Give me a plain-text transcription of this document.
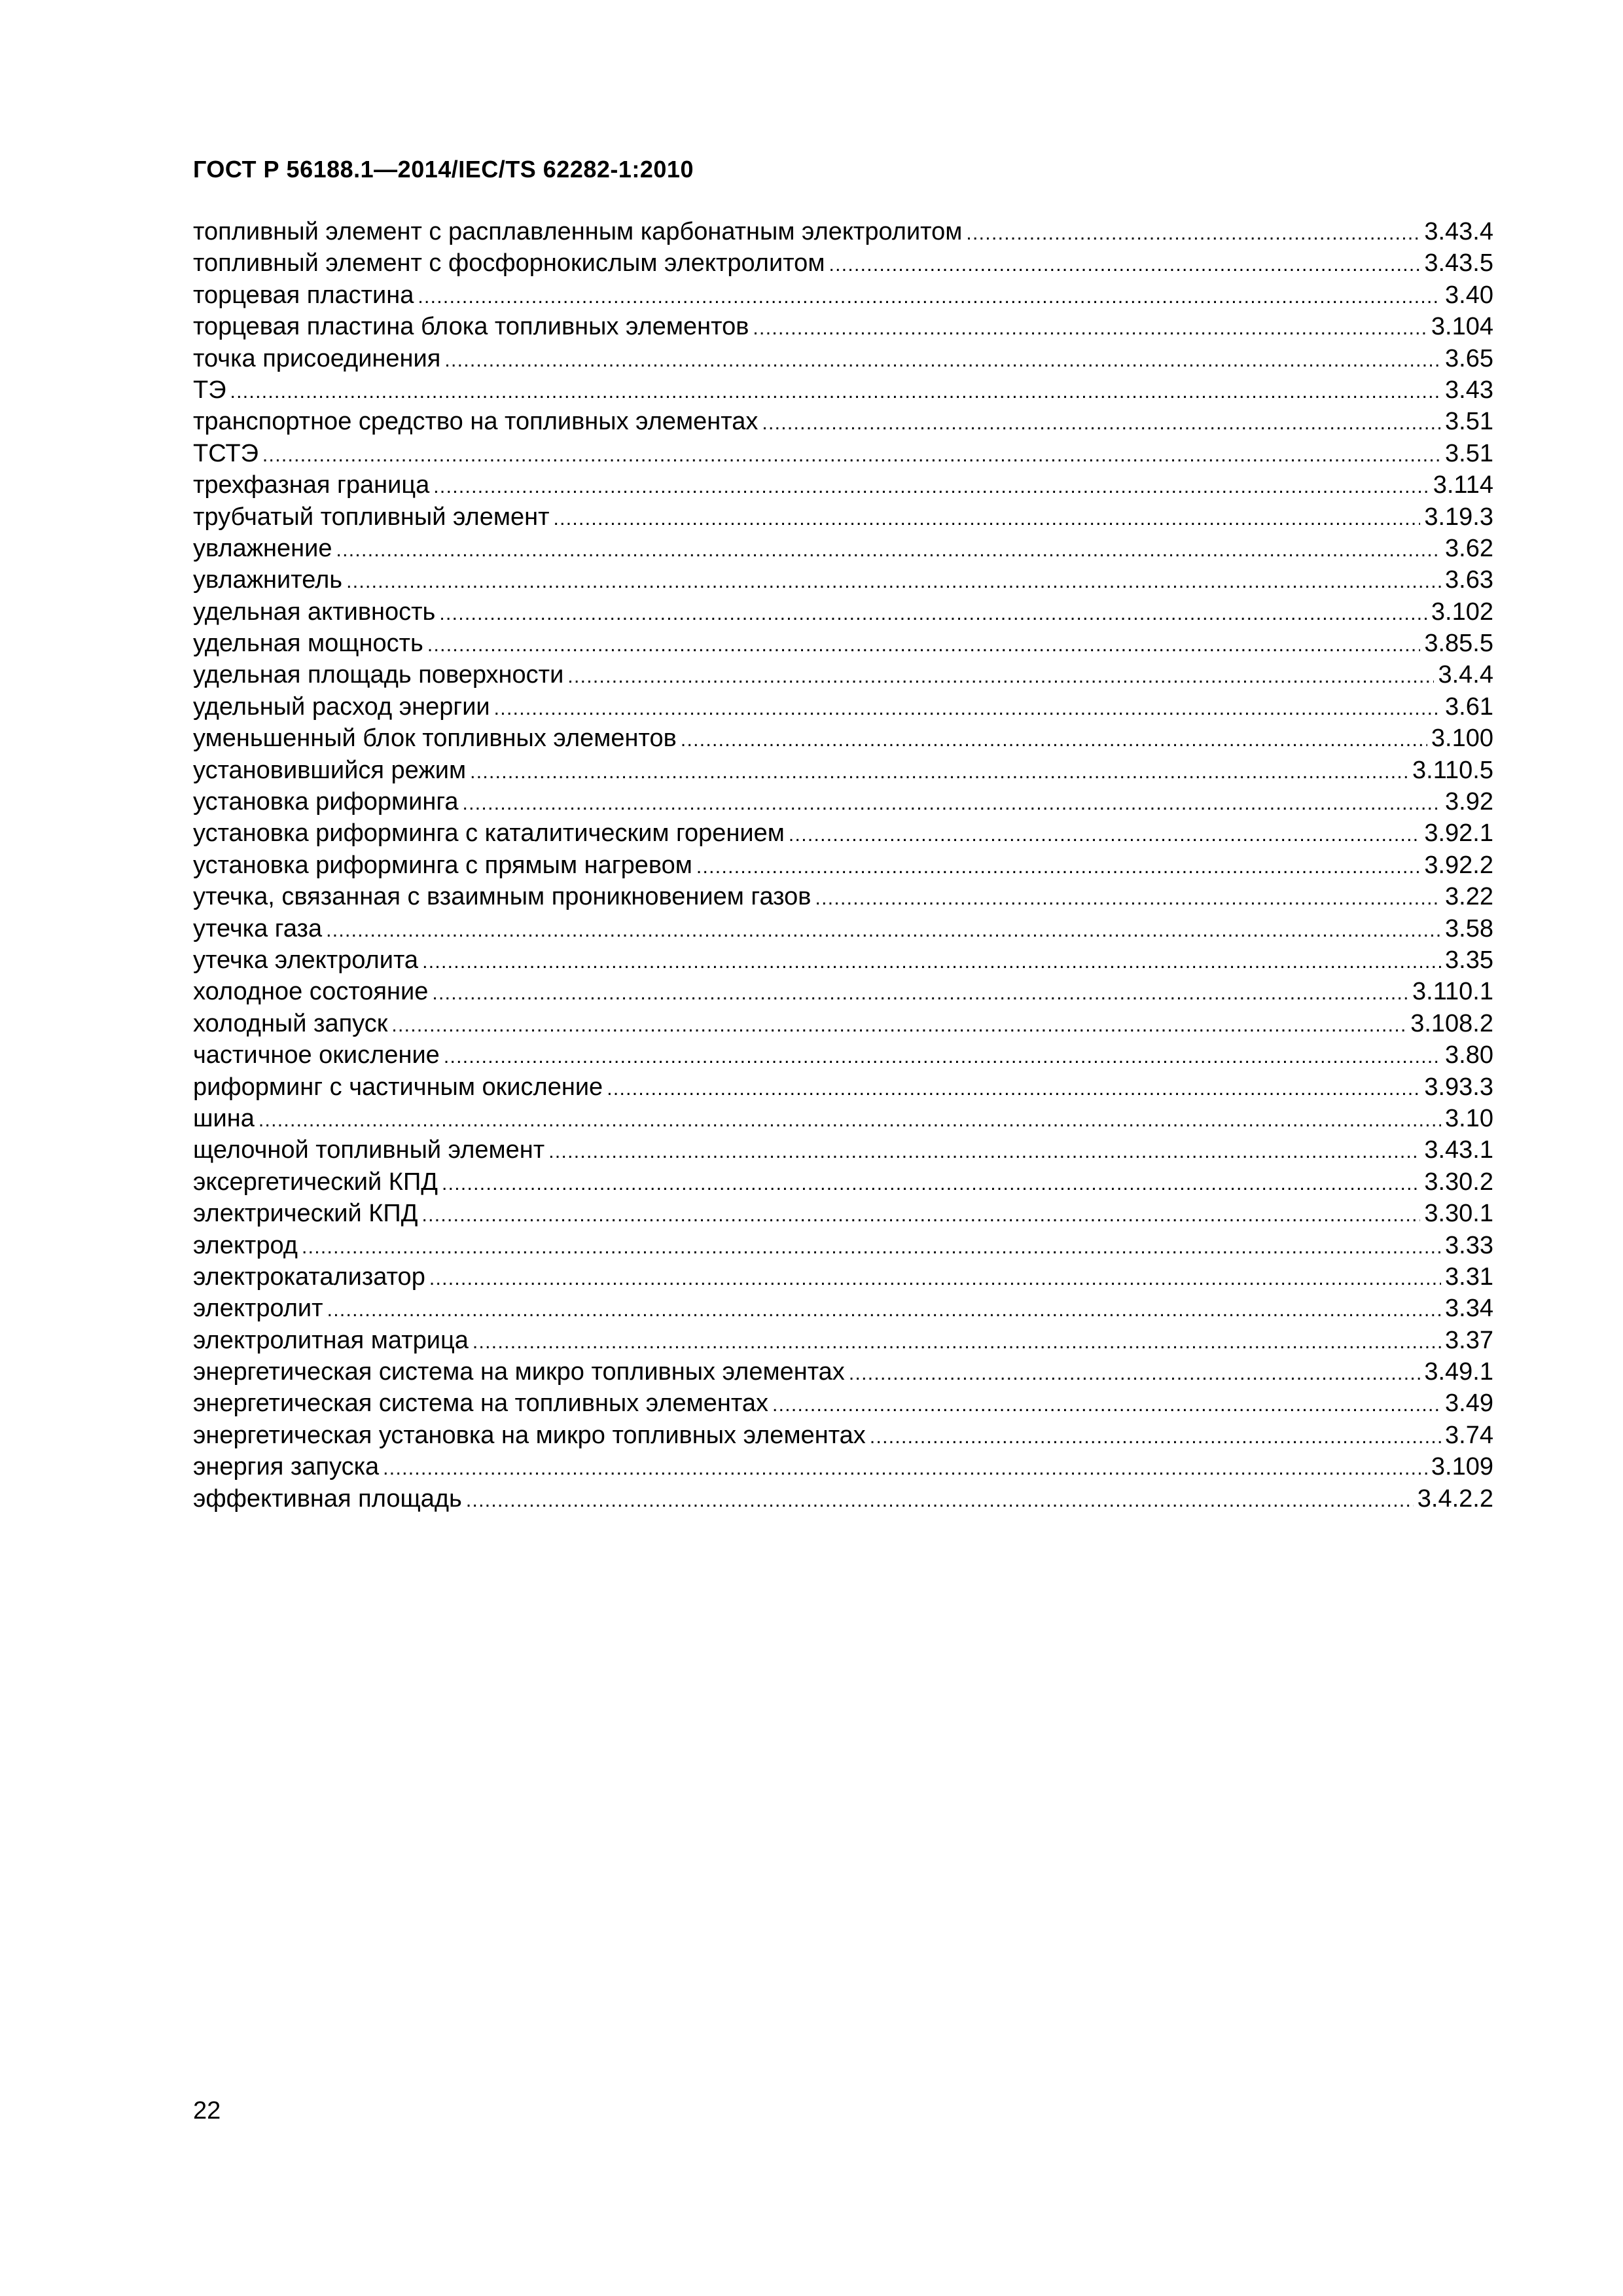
ГОСТ Р 56188.1—2014/IEC/TS 62282-1:2010
топливный элемент с расплавленным карбонатным электролитом .....	3.43.4
топливный элемент с фосфорнокислым электролитом .....	3.43.5
торцевая пластина .....	3.40
торцевая пластина блока топливных элементов .....	3.104
точка присоединения .....	3.65
ТЭ .....	3.43
транспортное средство на топливных элементах .....	3.51
ТСТЭ .....	3.51
трехфазная граница .....	3.114
трубчатый топливный элемент .....	3.19.3
увлажнение .....	3.62
увлажнитель .....	3.63
удельная активность .....	3.102
удельная мощность .....	3.85.5
удельная площадь поверхности .....	3.4.4
удельный расход энергии .....	3.61
уменьшенный блок топливных элементов .....	3.100
установившийся режим .....	3.110.5
установка риформинга .....	3.92
установка риформинга с каталитическим горением .....	3.92.1
установка риформинга с прямым нагревом .....	3.92.2
утечка, связанная с взаимным проникновением газов .....	3.22
утечка газа .....	3.58
утечка электролита .....	3.35
холодное состояние .....	3.110.1
холодный запуск .....	3.108.2
частичное окисление .....	3.80
риформинг с частичным окисление .....	3.93.3
шина .....	3.10
щелочной топливный элемент .....	3.43.1
эксергетический КПД .....	3.30.2
электрический КПД .....	3.30.1
электрод .....	3.33
электрокатализатор .....	3.31
электролит .....	3.34
электролитная матрица .....	3.37
энергетическая система на микро топливных элементах .....	3.49.1
энергетическая система на топливных элементах .....	3.49
энергетическая установка на микро топливных элементах .....	3.74
энергия запуска .....	3.109
эффективная площадь .....	3.4.2.2
22
